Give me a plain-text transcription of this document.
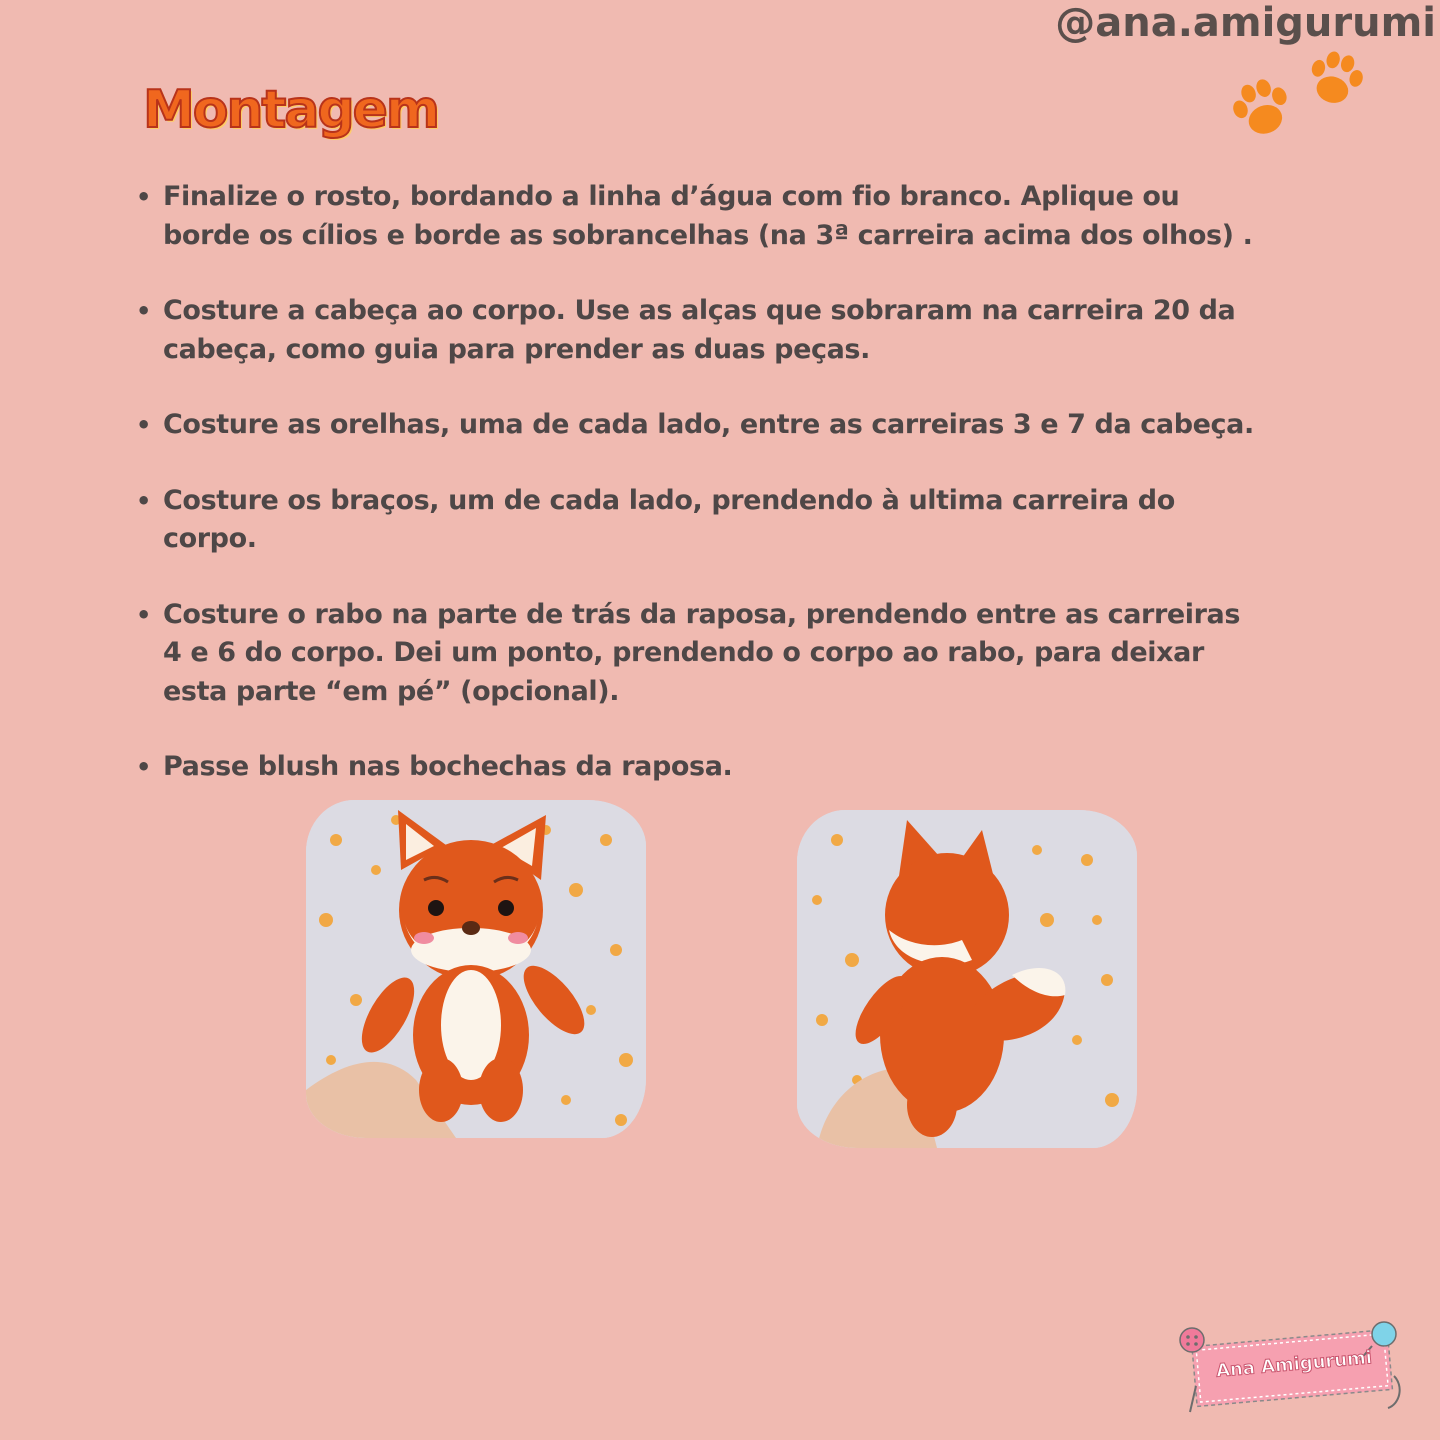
@ana.amigurumi
Montagem
• Finalize o rosto, bordando a linha d’água com fio branco. Aplique ou borde os cílios e borde as sobrancelhas (na 3ª carreira acima dos olhos) .
• Costure a cabeça ao corpo. Use as alças que sobraram na carreira 20 da cabeça, como guia para prender as duas peças.
• Costure as orelhas, uma de cada lado, entre as carreiras 3 e 7 da cabeça.
• Costure os braços, um de cada lado, prendendo à ultima carreira do corpo.
• Costure o rabo na parte de trás da raposa, prendendo entre as carreiras 4 e 6 do corpo. Dei um ponto, prendendo o corpo ao rabo, para deixar esta parte “em pé” (opcional).
• Passe blush nas bochechas da raposa.
Ana Amigurumi
